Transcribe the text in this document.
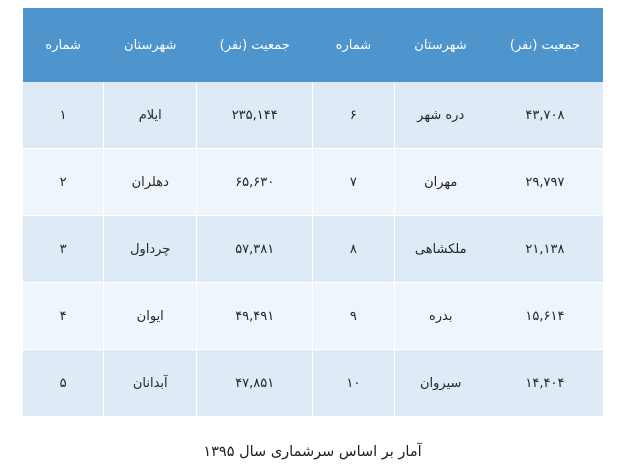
جمعیت (نفر)	شهرستان	شماره	جمعیت (نفر)	شهرستان	شماره
۴۳,۷۰۸	دره شهر	۶	۲۳۵,۱۴۴	ایلام	۱
۲۹,۷۹۷	مهران	۷	۶۵,۶۳۰	دهلران	۲
۲۱,۱۳۸	ملکشاهی	۸	۵۷,۳۸۱	چرداول	۳
۱۵,۶۱۴	بدره	۹	۴۹,۴۹۱	ایوان	۴
۱۴,۴۰۴	سیروان	۱۰	۴۷,۸۵۱	آبدانان	۵
آمار بر اساس سرشماری سال ۱۳۹۵
